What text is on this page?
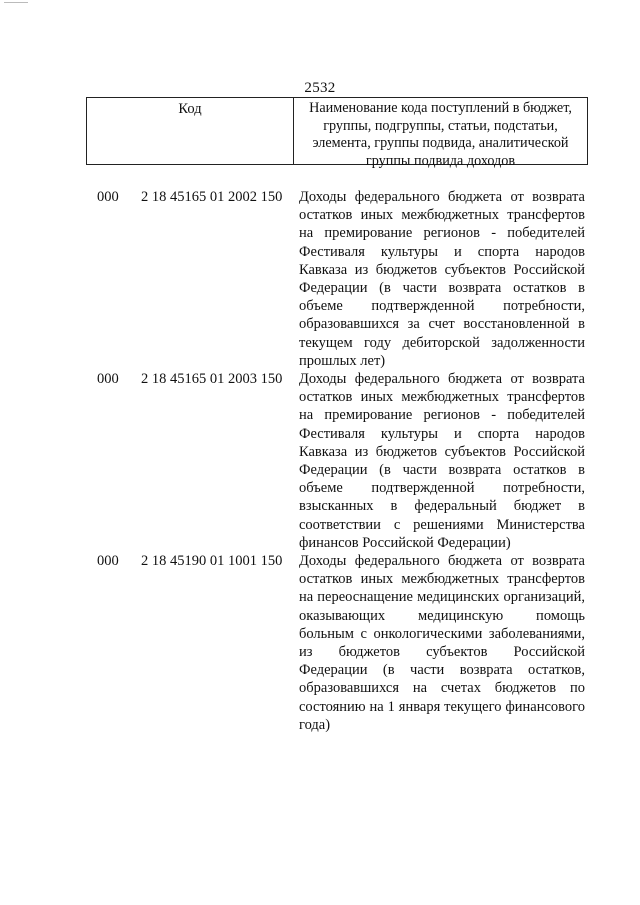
2532
Код	Наименование кода поступлений в бюджет, группы, подгруппы, статьи, подстатьи, элемента, группы подвида, аналитической группы подвида доходов
000 2 18 45165 01 2002 150 Доходы федерального бюджета от возврата остатков иных межбюджетных трансфертов на премирование регионов - победителей Фестиваля культуры и спорта народов Кавказа из бюджетов субъектов Российской Федерации (в части возврата остатков в объеме подтвержденной потребности, образовавшихся за счет восстановленной в текущем году дебиторской задолженности прошлых лет)
000 2 18 45165 01 2003 150 Доходы федерального бюджета от возврата остатков иных межбюджетных трансфертов на премирование регионов - победителей Фестиваля культуры и спорта народов Кавказа из бюджетов субъектов Российской Федерации (в части возврата остатков в объеме подтвержденной потребности, взысканных в федеральный бюджет в соответствии с решениями Министерства финансов Российской Федерации)
000 2 18 45190 01 1001 150 Доходы федерального бюджета от возврата остатков иных межбюджетных трансфертов на переоснащение медицинских организаций, оказывающих медицинскую помощь больным с онкологическими заболеваниями, из бюджетов субъектов Российской Федерации (в части возврата остатков, образовавшихся на счетах бюджетов по состоянию на 1 января текущего финансового года)
